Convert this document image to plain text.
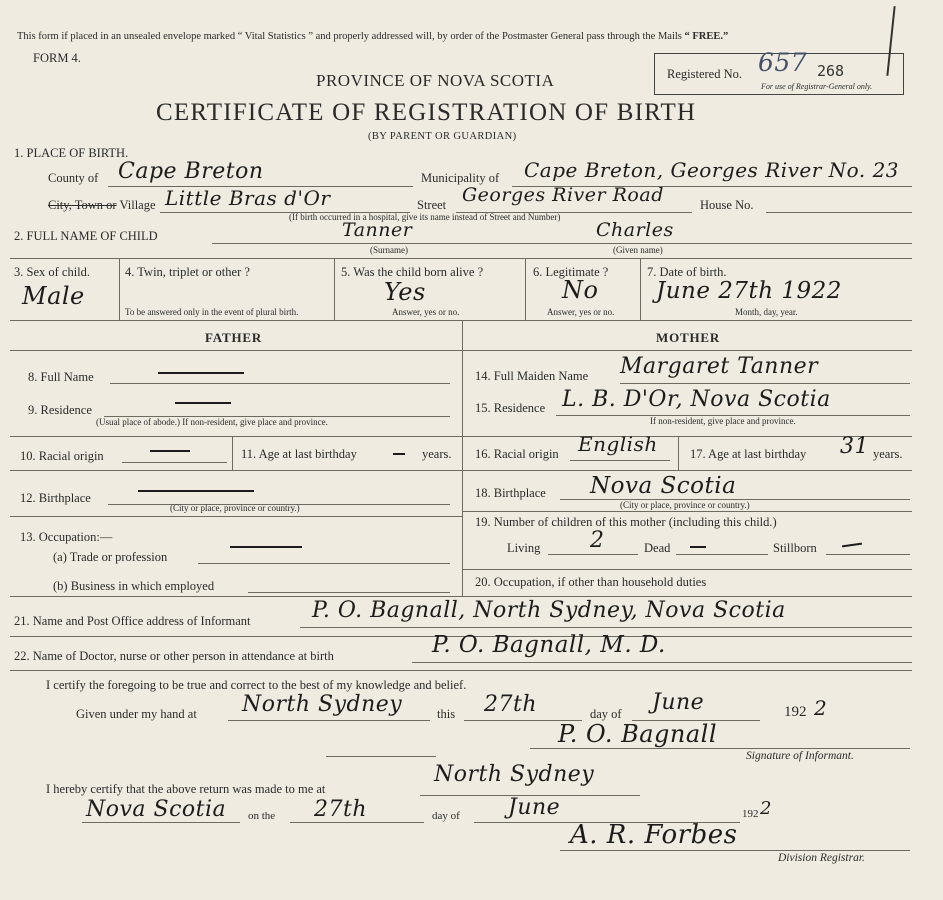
This form if placed in an unsealed envelope marked “ Vital Statistics ” and properly addressed will, by order of the Postmaster General pass through the Mails “ FREE.”
FORM 4.
PROVINCE OF NOVA SCOTIA
CERTIFICATE OF REGISTRATION OF BIRTH
(BY PARENT OR GUARDIAN)
Registered No. 657 268
For use of Registrar-General only.
1. PLACE OF BIRTH.
County of Cape Breton	Municipality of Cape Breton, Georges River No. 23
City, Town or Village Little Bras d'Or	Street Georges River Road	House No.
(If birth occurred in a hospital, give its name instead of Street and Number)
2. FULL NAME OF CHILD	Tanner
(Surname)
Charles
(Given name)
3. Sex of child.
Male
4. Twin, triplet or other ?
To be answered only in the event of plural birth.
5. Was the child born alive ?
Yes
Answer, yes or no.
6. Legitimate ?
No
Answer, yes or no.
7. Date of birth.
June 27th 1922
Month, day, year.
FATHER	MOTHER
8. Full Name
9. Residence
(Usual place of abode.) If non-resident, give place and province.
10. Racial origin	11. Age at last birthday	years.
12. Birthplace
(City or place, province or country.)
13. Occupation:—
(a) Trade or profession
(b) Business in which employed
14. Full Maiden Name Margaret Tanner
15. Residence L. B. D'Or, Nova Scotia
If non-resident, give place and province.
16. Racial origin English	17. Age at last birthday 31 years.
18. Birthplace Nova Scotia
(City or place, province or country.)
19. Number of children of this mother (including this child.)
Living 2	Dead	Stillborn
20. Occupation, if other than household duties
21. Name and Post Office address of Informant	P. O. Bagnall, North Sydney, Nova Scotia
22. Name of Doctor, nurse or other person in attendance at birth	P. O. Bagnall, M. D.
I certify the foregoing to be true and correct to the best of my knowledge and belief.
Given under my hand at North Sydney	this 27th	day of June	192 2
P. O. Bagnall
Signature of Informant.
I hereby certify that the above return was made to me at
North Sydney
Nova Scotia on the 27th	day of June	192 2
A. R. Forbes
Division Registrar.
